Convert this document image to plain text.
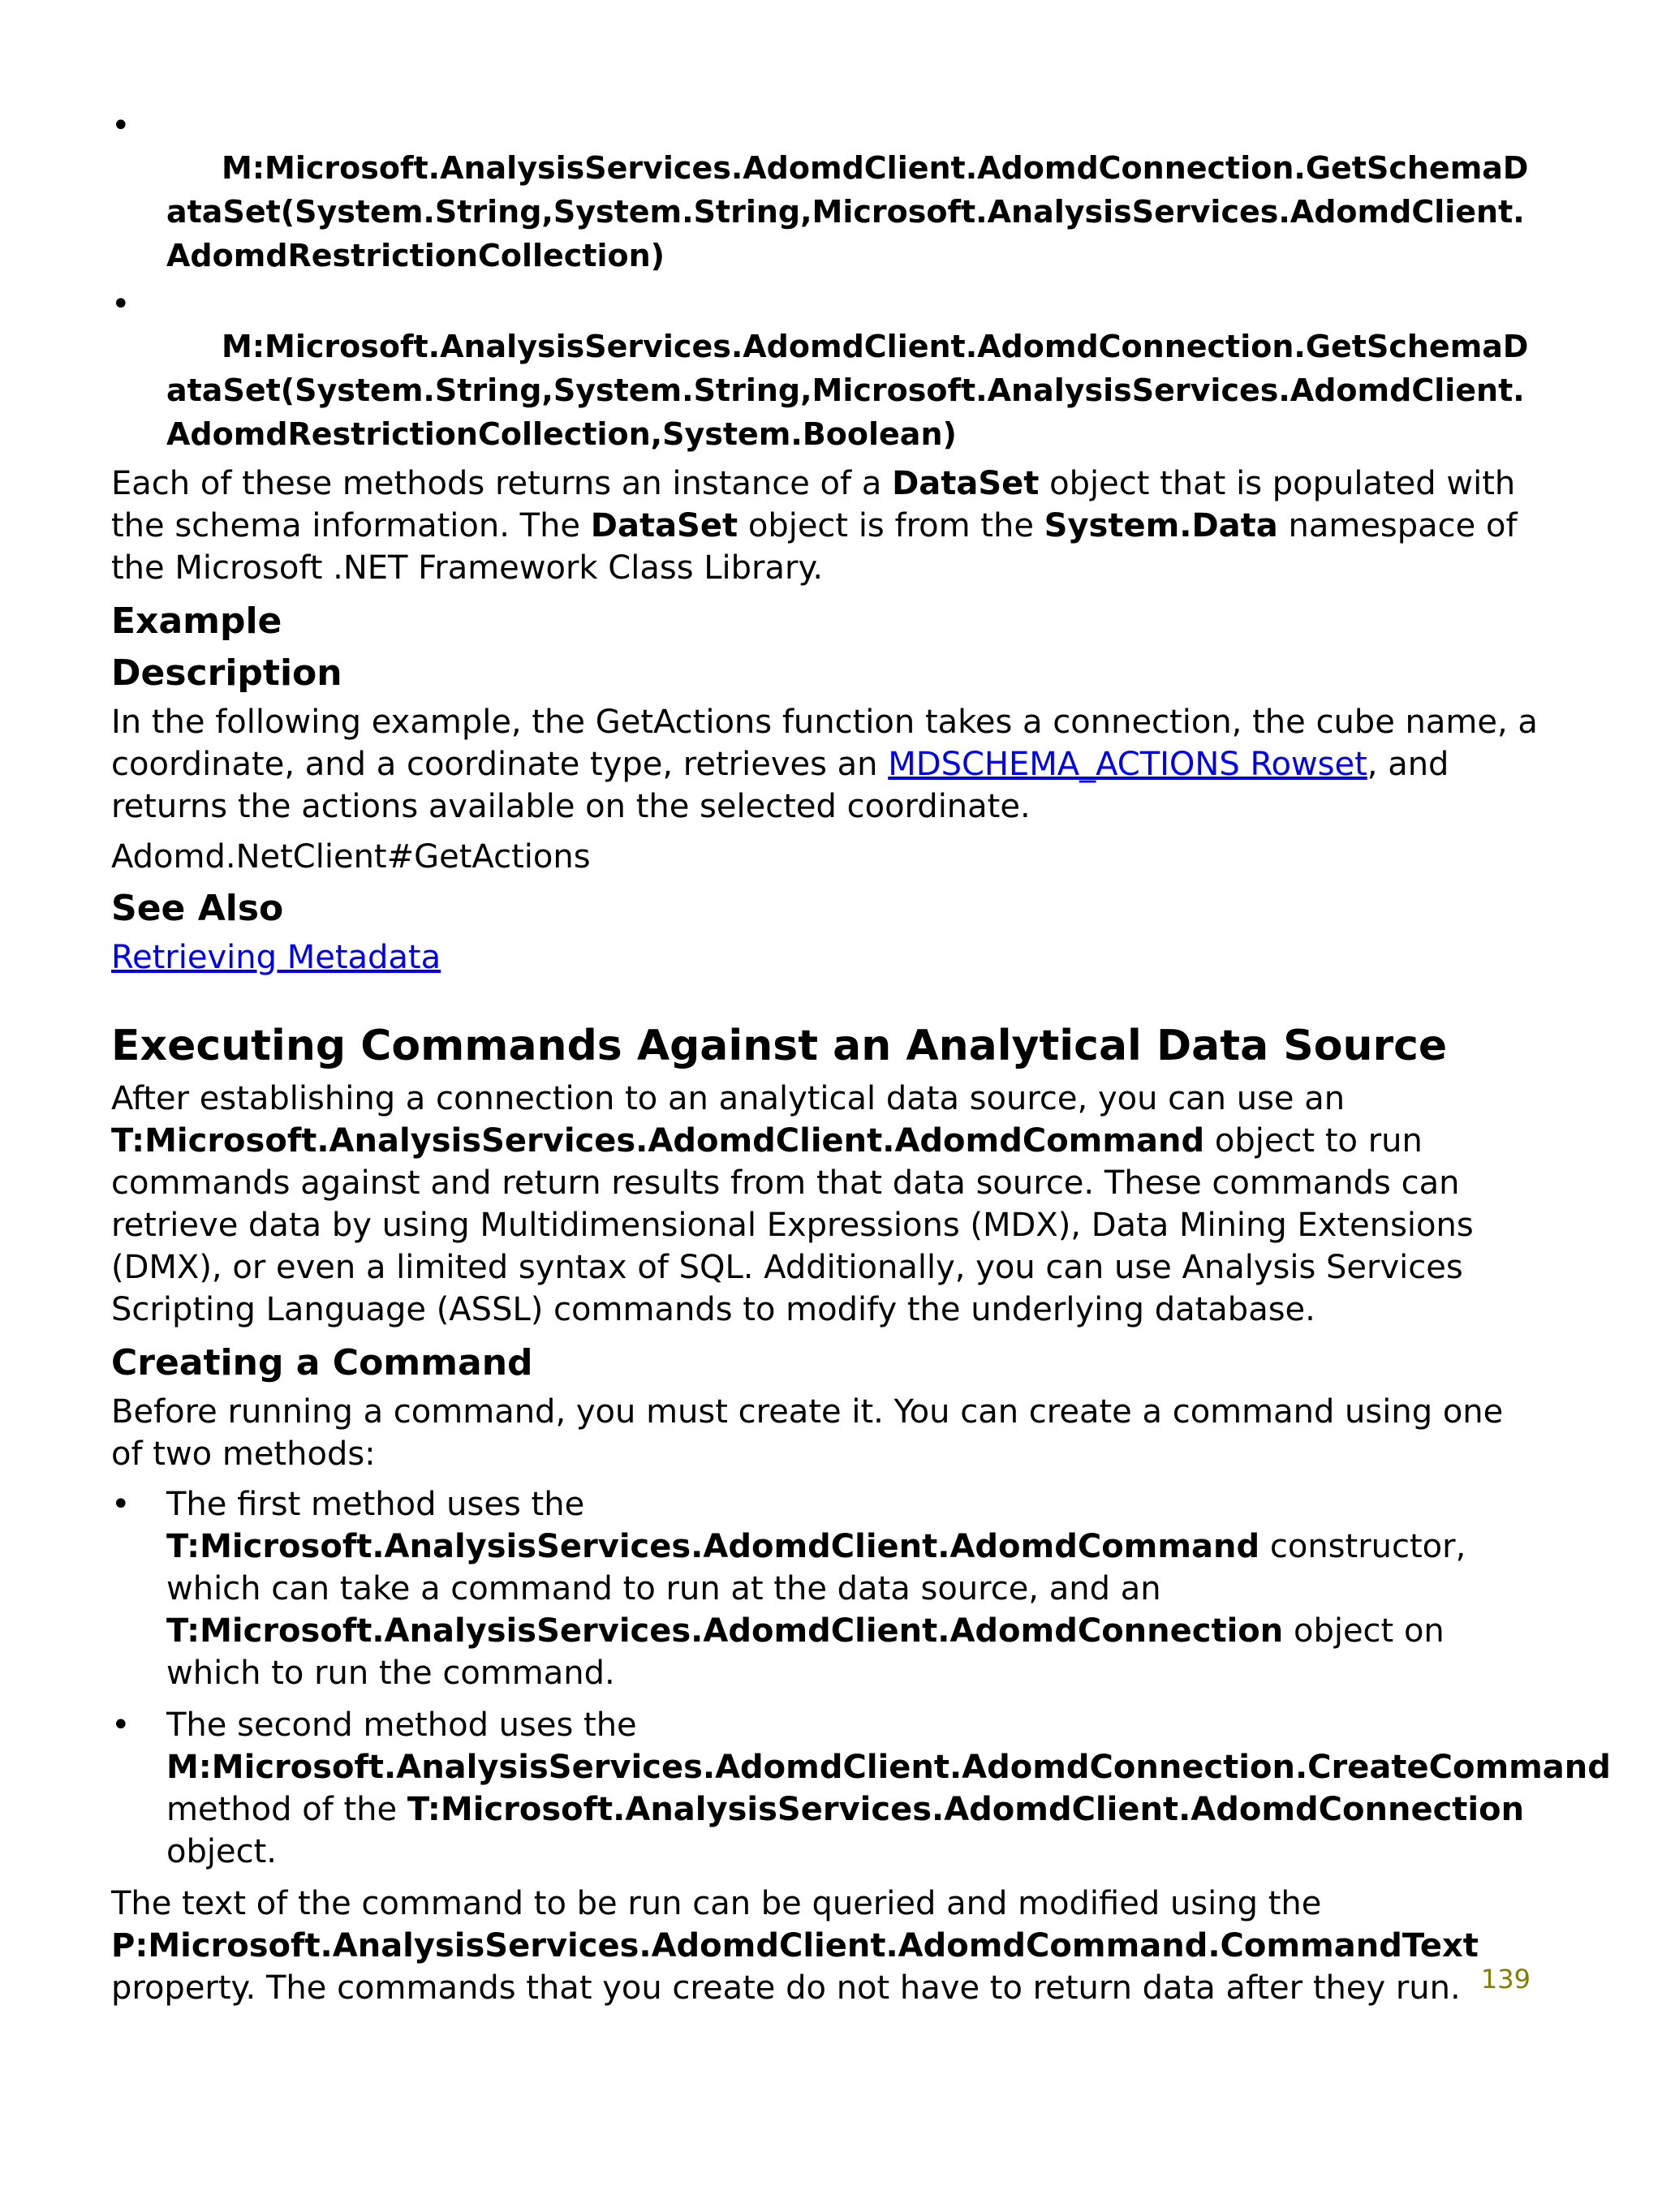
•
M:Microsoft.AnalysisServices.AdomdClient.AdomdConnection.GetSchemaDataSet(System.String,System.String,Microsoft.AnalysisServices.AdomdClient.AdomdRestrictionCollection)
•
M:Microsoft.AnalysisServices.AdomdClient.AdomdConnection.GetSchemaDataSet(System.String,System.String,Microsoft.AnalysisServices.AdomdClient.AdomdRestrictionCollection,System.Boolean)

Each of these methods returns an instance of a DataSet object that is populated with the schema information. The DataSet object is from the System.Data namespace of the Microsoft .NET Framework Class Library.

Example
Description

In the following example, the GetActions function takes a connection, the cube name, a coordinate, and a coordinate type, retrieves an MDSCHEMA_ACTIONS Rowset, and returns the actions available on the selected coordinate.

Adomd.NetClient#GetActions

See Also

Retrieving Metadata

Executing Commands Against an Analytical Data Source

After establishing a connection to an analytical data source, you can use an T:Microsoft.AnalysisServices.AdomdClient.AdomdCommand object to run commands against and return results from that data source. These commands can retrieve data by using Multidimensional Expressions (MDX), Data Mining Extensions (DMX), or even a limited syntax of SQL. Additionally, you can use Analysis Services Scripting Language (ASSL) commands to modify the underlying database.

Creating a Command

Before running a command, you must create it. You can create a command using one of two methods:

• The first method uses the T:Microsoft.AnalysisServices.AdomdClient.AdomdCommand constructor, which can take a command to run at the data source, and an T:Microsoft.AnalysisServices.AdomdClient.AdomdConnection object on which to run the command.
• The second method uses the M:Microsoft.AnalysisServices.AdomdClient.AdomdConnection.CreateCommand method of the T:Microsoft.AnalysisServices.AdomdClient.AdomdConnection object.

The text of the command to be run can be queried and modified using the P:Microsoft.AnalysisServices.AdomdClient.AdomdCommand.CommandText property. The commands that you create do not have to return data after they run. 139
